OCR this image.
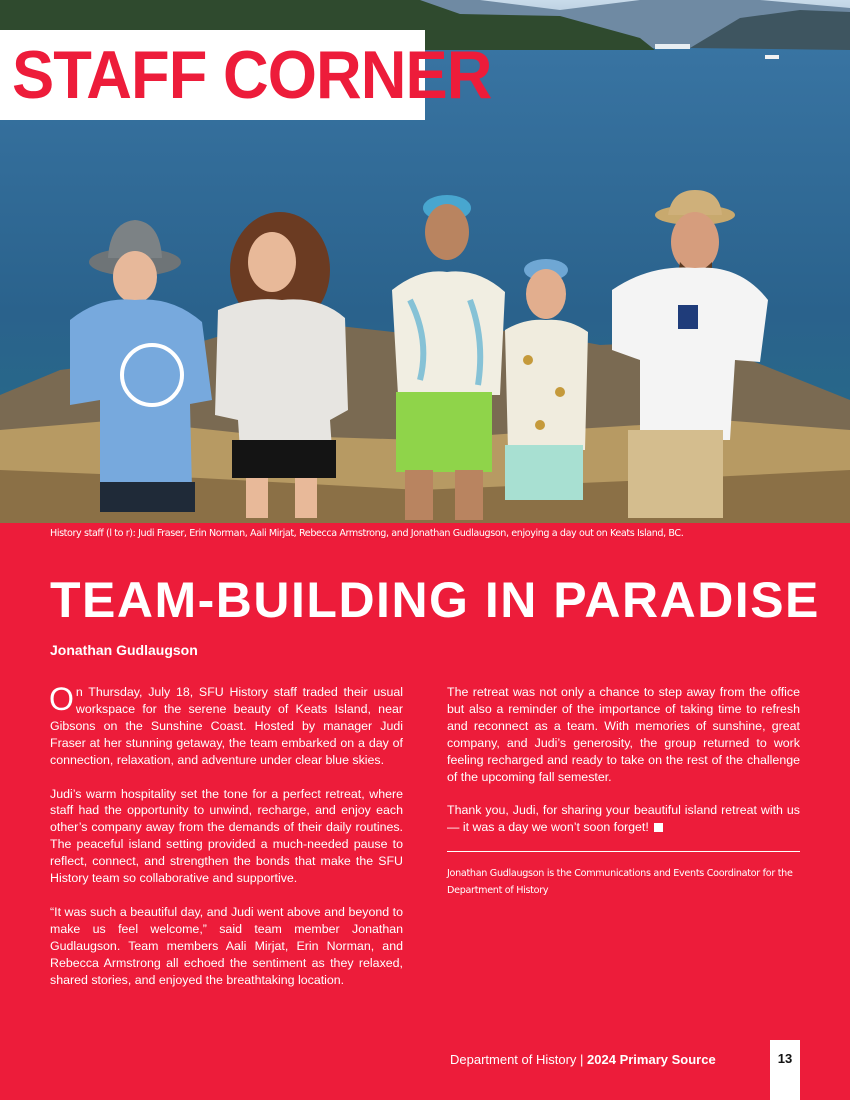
STAFF CORNER
History staff (l to r): Judi Fraser, Erin Norman, Aali Mirjat, Rebecca Armstrong, and Jonathan Gudlaugson, enjoying a day out on Keats Island, BC.
TEAM-BUILDING IN PARADISE
Jonathan Gudlaugson

On Thursday, July 18, SFU History staff traded their usual workspace for the serene beauty of Keats Island, near Gibsons on the Sunshine Coast. Hosted by manager Judi Fraser at her stunning getaway, the team embarked on a day of connection, relaxation, and adventure under clear blue skies.

Judi’s warm hospitality set the tone for a perfect retreat, where staff had the opportunity to unwind, recharge, and enjoy each other’s company away from the demands of their daily routines. The peaceful island setting provided a much-needed pause to reflect, connect, and strengthen the bonds that make the SFU History team so collaborative and supportive.

“It was such a beautiful day, and Judi went above and beyond to make us feel welcome,” said team member Jonathan Gudlaugson. Team members Aali Mirjat, Erin Norman, and Rebecca Armstrong all echoed the sentiment as they relaxed, shared stories, and enjoyed the breathtaking location.

The retreat was not only a chance to step away from the office but also a reminder of the importance of taking time to refresh and reconnect as a team. With memories of sunshine, great company, and Judi’s generosity, the group returned to work feeling recharged and ready to take on the rest of the challenge of the upcoming fall semester.

Thank you, Judi, for sharing your beautiful island retreat with us — it was a day we won’t soon forget!

Jonathan Gudlaugson is the Communications and Events Coordinator for the Department of History
Department of History | 2024 Primary Source	13
